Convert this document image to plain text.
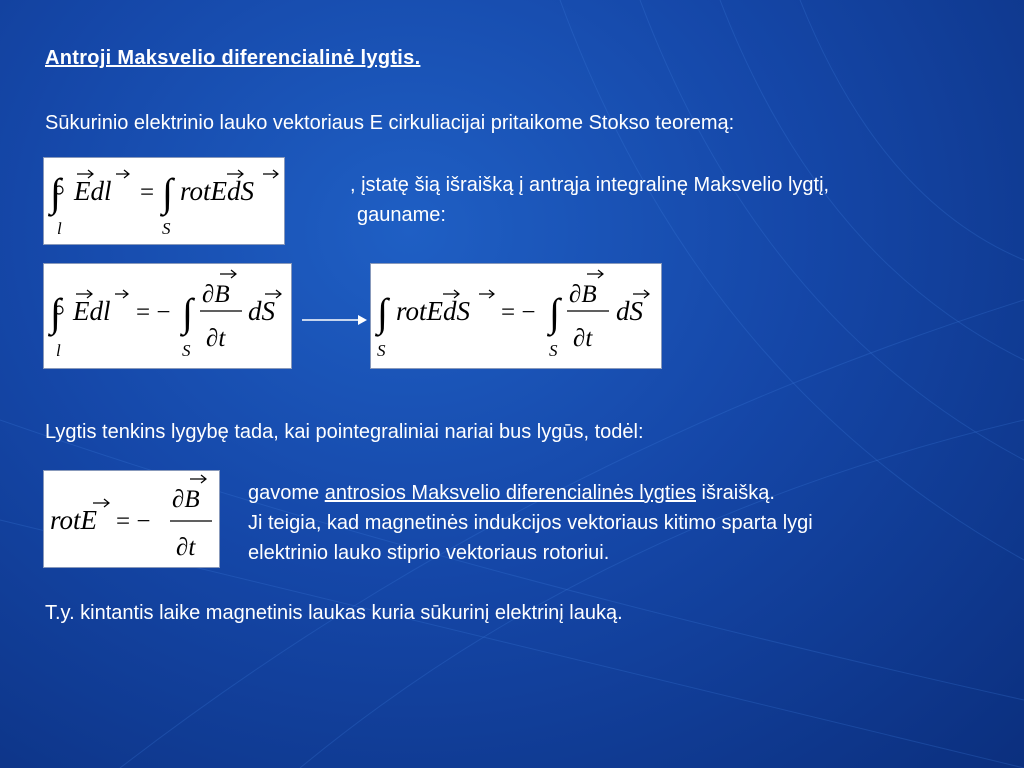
Antroji Maksvelio diferencialinė lygtis.
Sūkurinio elektrinio lauko vektoriaus E cirkuliacijai pritaikome Stokso teoremą:
∫
l
Edl = ∫
S
rotEdS	, įstatę šią išraišką į antrąja integralinę Maksvelio lygtį,
gauname:
∫
l
Edl = − ∫
S
∂B
∂t
dS	∫
S
rotEdS = − ∫
S
∂B
∂t
dS
Lygtis tenkins lygybę tada, kai pointegraliniai nariai bus lygūs, todėl:
rotE = −
∂B
∂t
gavome antrosios Maksvelio diferencialinės lygties išraišką.
Ji teigia, kad magnetinės indukcijos vektoriaus kitimo sparta lygi
elektrinio lauko stiprio vektoriaus rotoriui.
T.y. kintantis laike magnetinis laukas kuria sūkurinį elektrinį lauką.
